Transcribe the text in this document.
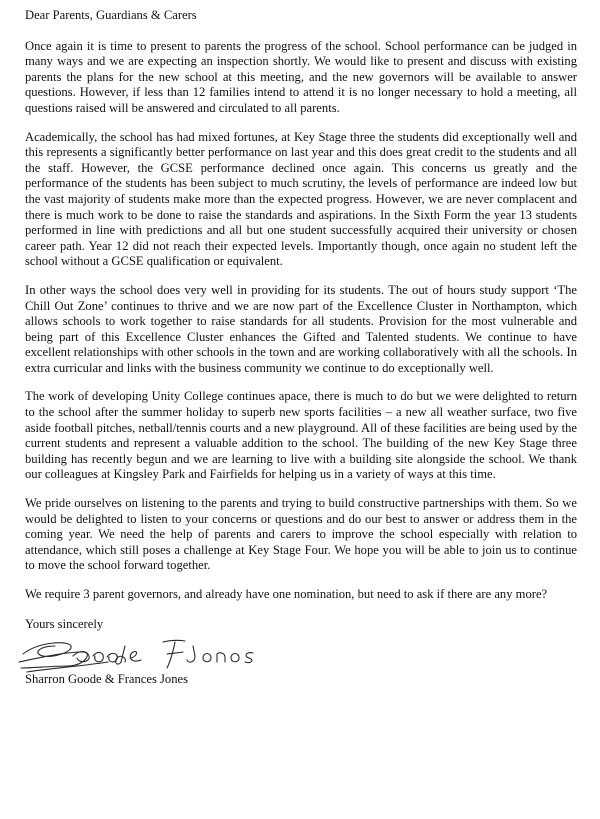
Dear Parents, Guardians & Carers

Once again it is time to present to parents the progress of the school. School performance can be judged in many ways and we are expecting an inspection shortly. We would like to present and discuss with existing parents the plans for the new school at this meeting, and the new governors will be available to answer questions. However, if less than 12 families intend to attend it is no longer necessary to hold a meeting, all questions raised will be answered and circulated to all parents.

Academically, the school has had mixed fortunes, at Key Stage three the students did exceptionally well and this represents a significantly better performance on last year and this does great credit to the students and all the staff. However, the GCSE performance declined once again. This concerns us greatly and the performance of the students has been subject to much scrutiny, the levels of performance are indeed low but the vast majority of students make more than the expected progress. However, we are never complacent and there is much work to be done to raise the standards and aspirations. In the Sixth Form the year 13 students performed in line with predictions and all but one student successfully acquired their university or chosen career path. Year 12 did not reach their expected levels. Importantly though, once again no student left the school without a GCSE qualification or equivalent.

In other ways the school does very well in providing for its students. The out of hours study support ‘The Chill Out Zone’ continues to thrive and we are now part of the Excellence Cluster in Northampton, which allows schools to work together to raise standards for all students. Provision for the most vulnerable and being part of this Excellence Cluster enhances the Gifted and Talented students. We continue to have excellent relationships with other schools in the town and are working collaboratively with all the schools. In extra curricular and links with the business community we continue to do exceptionally well.

The work of developing Unity College continues apace, there is much to do but we were delighted to return to the school after the summer holiday to superb new sports facilities – a new all weather surface, two five aside football pitches, netball/tennis courts and a new playground. All of these facilities are being used by the current students and represent a valuable addition to the school. The building of the new Key Stage three building has recently begun and we are learning to live with a building site alongside the school. We thank our colleagues at Kingsley Park and Fairfields for helping us in a variety of ways at this time.

We pride ourselves on listening to the parents and trying to build constructive partnerships with them. So we would be delighted to listen to your concerns or questions and do our best to answer or address them in the coming year. We need the help of parents and carers to improve the school especially with relation to attendance, which still poses a challenge at Key Stage Four. We hope you will be able to join us to continue to move the school forward together.

We require 3 parent governors, and already have one nomination, but need to ask if there are any more?

Yours sincerely

Sharron Goode & Frances Jones
